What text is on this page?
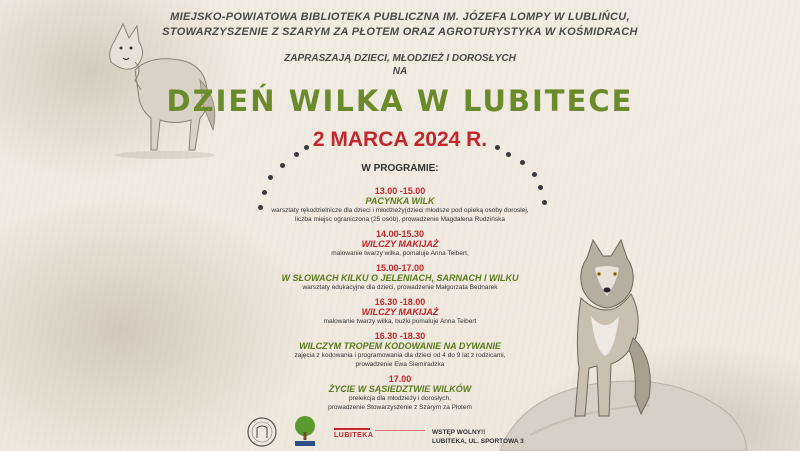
MIEJSKO-POWIATOWA BIBLIOTEKA PUBLICZNA IM. JÓZEFA LOMPY W LUBLIŃCU,
STOWARZYSZENIE Z SZARYM ZA PŁOTEM ORAZ AGROTURYSTYKA W KOŚMIDRACH
ZAPRASZAJĄ DZIECI, MŁODZIEŻ I DOROSŁYCH
NA
DZIEŃ WILKA W LUBITECE
2 MARCA 2024 R.
W PROGRAMIE:
13.00 -15.00
PACYNKA WILK
warsztaty rękodzielnicze dla dzieci i młodzieży(dzieci młodsze pod opieką osoby dorosłej,
liczba miejsc ograniczona (25 osób), prowadzenie Magdalena Rudzińska
14.00-15.30
WILCZY MAKIJAŻ
malowanie twarzy wilka, pomaluje Anna Teibert,
15.00-17.00
W SŁOWACH KILKU O JELENIACH, SARNACH I WILKU
warsztaty edukacyjne dla dzieci, prowadzenie Małgorzata Bednarek
16.30 -18.00
WILCZY MAKIJAŻ
malowanie twarzy wilka, buźki pomaluje Anna Teibert
16.30 -18.30
WILCZYM TROPEM KODOWANIE NA DYWANIE
zajęcia z kodowania i programowania dla dzieci od 4 do 9 lat z rodzicami,
prowadzenie Ewa Siemiradzka
17.00
ŻYCIE W SĄSIEDZTWIE WILKÓW
prelekcja dla młodzieży i dorosłych,
prowadzenie Stowarzyszenie z Szarym za Płotem
LUBITEKA	WSTĘP WOLNY!!
LUBITEKA, UL. SPORTOWA 3
